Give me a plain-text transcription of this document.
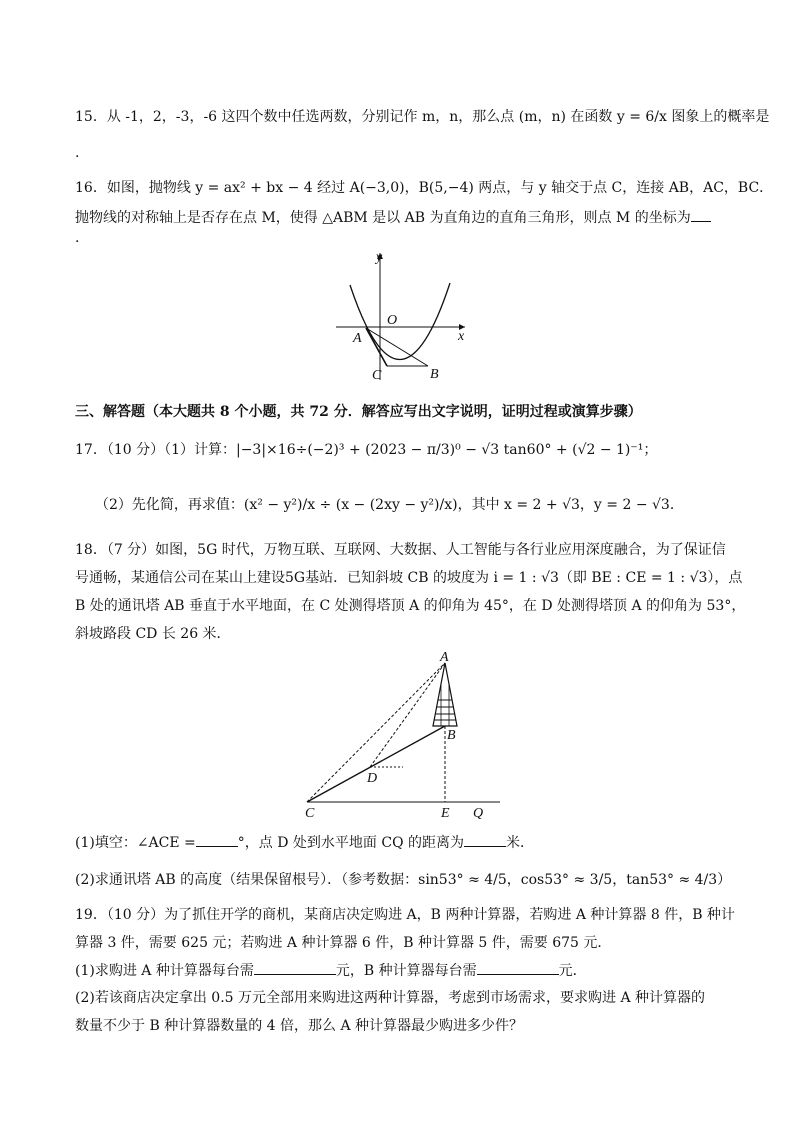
15．从 -1，2，-3，-6 这四个数中任选两数，分别记作 m，n，那么点 (m，n) 在函数 y = 6/x 图象上的概率是
.
16．如图，抛物线 y = ax² + bx − 4 经过 A(−3,0)，B(5,−4) 两点，与 y 轴交于点 C，连接 AB，AC，BC．
抛物线的对称轴上是否存在点 M，使得 △ABM 是以 AB 为直角边的直角三角形，则点 M 的坐标为
.
y
x
O
A
B
C
三、解答题（本大题共 8 个小题，共 72 分．解答应写出文字说明，证明过程或演算步骤）
17．（10 分）（1）计算：|−3|×16÷(−2)³ + (2023 − π/3)⁰ − √3 tan60° + (√2 − 1)⁻¹；
（2）先化简，再求值：(x² − y²)/x ÷ (x − (2xy − y²)/x)，其中 x = 2 + √3，y = 2 − √3．
18．（7 分）如图，5G 时代，万物互联、互联网、大数据、人工智能与各行业应用深度融合，为了保证信
号通畅，某通信公司在某山上建设5G基站．已知斜坡 CB 的坡度为 i = 1 : √3（即 BE : CE = 1 : √3），点
B 处的通讯塔 AB 垂直于水平地面，在 C 处测得塔顶 A 的仰角为 45°，在 D 处测得塔顶 A 的仰角为 53°，
斜坡路段 CD 长 26 米．
A
B
C
D
E Q
(1)填空：∠ACE =	°，点 D 处到水平地面 CQ 的距离为	米．
(2)求通讯塔 AB 的高度（结果保留根号）．（参考数据：sin53° ≈ 4/5，cos53° ≈ 3/5，tan53° ≈ 4/3）
19．（10 分）为了抓住开学的商机，某商店决定购进 A，B 两种计算器，若购进 A 种计算器 8 件，B 种计
算器 3 件，需要 625 元；若购进 A 种计算器 6 件，B 种计算器 5 件，需要 675 元．
(1)求购进 A 种计算器每台需	元，B 种计算器每台需	元．
(2)若该商店决定拿出 0.5 万元全部用来购进这两种计算器，考虑到市场需求，要求购进 A 种计算器的
数量不少于 B 种计算器数量的 4 倍，那么 A 种计算器最少购进多少件？
